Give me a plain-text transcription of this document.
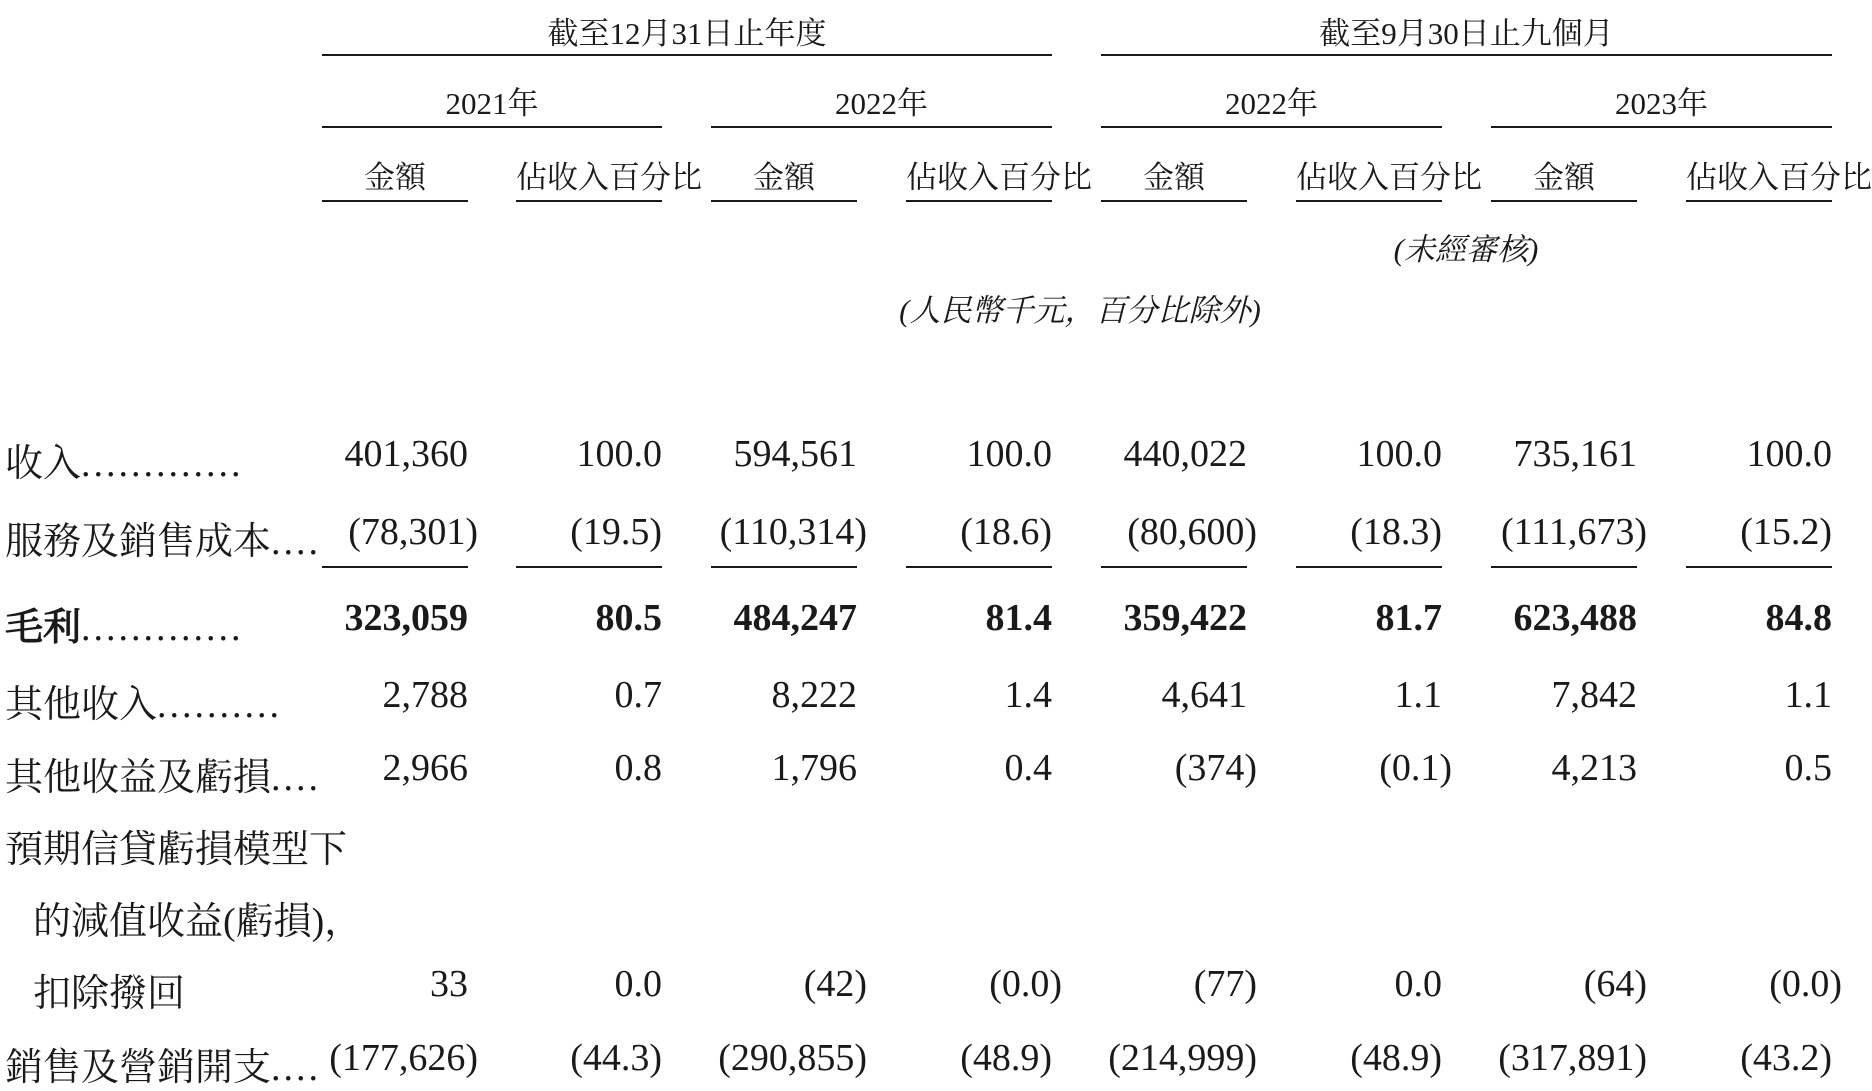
截至12月31日止年度	截至9月30日止九個月
2021年	2022年	2022年	2023年
金額	佔收入百分比	金額	佔收入百分比	金額	佔收入百分比	金額	佔收入百分比
(未經審核)
(人民幣千元，百分比除外)
收入.............	401,360	100.0	594,561	100.0	440,022	100.0	735,161	100.0
服務及銷售成本.... (78,301)	(19.5) (110,314)	(18.6)	(80,600)	(18.3) (111,673)	(15.2)
毛利.............	323,059	80.5	484,247	81.4	359,422	81.7	623,488	84.8
其他收入..........	2,788	0.7	8,222	1.4	4,641	1.1	7,842	1.1
其他收益及虧損....	2,966	0.8	1,796	0.4	(374)	(0.1)	4,213	0.5
預期信貸虧損模型下
的減值收益(虧損)，
扣除撥回	33	0.0	(42)	(0.0)	(77)	0.0	(64)	(0.0)
銷售及營銷開支.... (177,626)	(44.3) (290,855)	(48.9) (214,999)	(48.9) (317,891)	(43.2)
